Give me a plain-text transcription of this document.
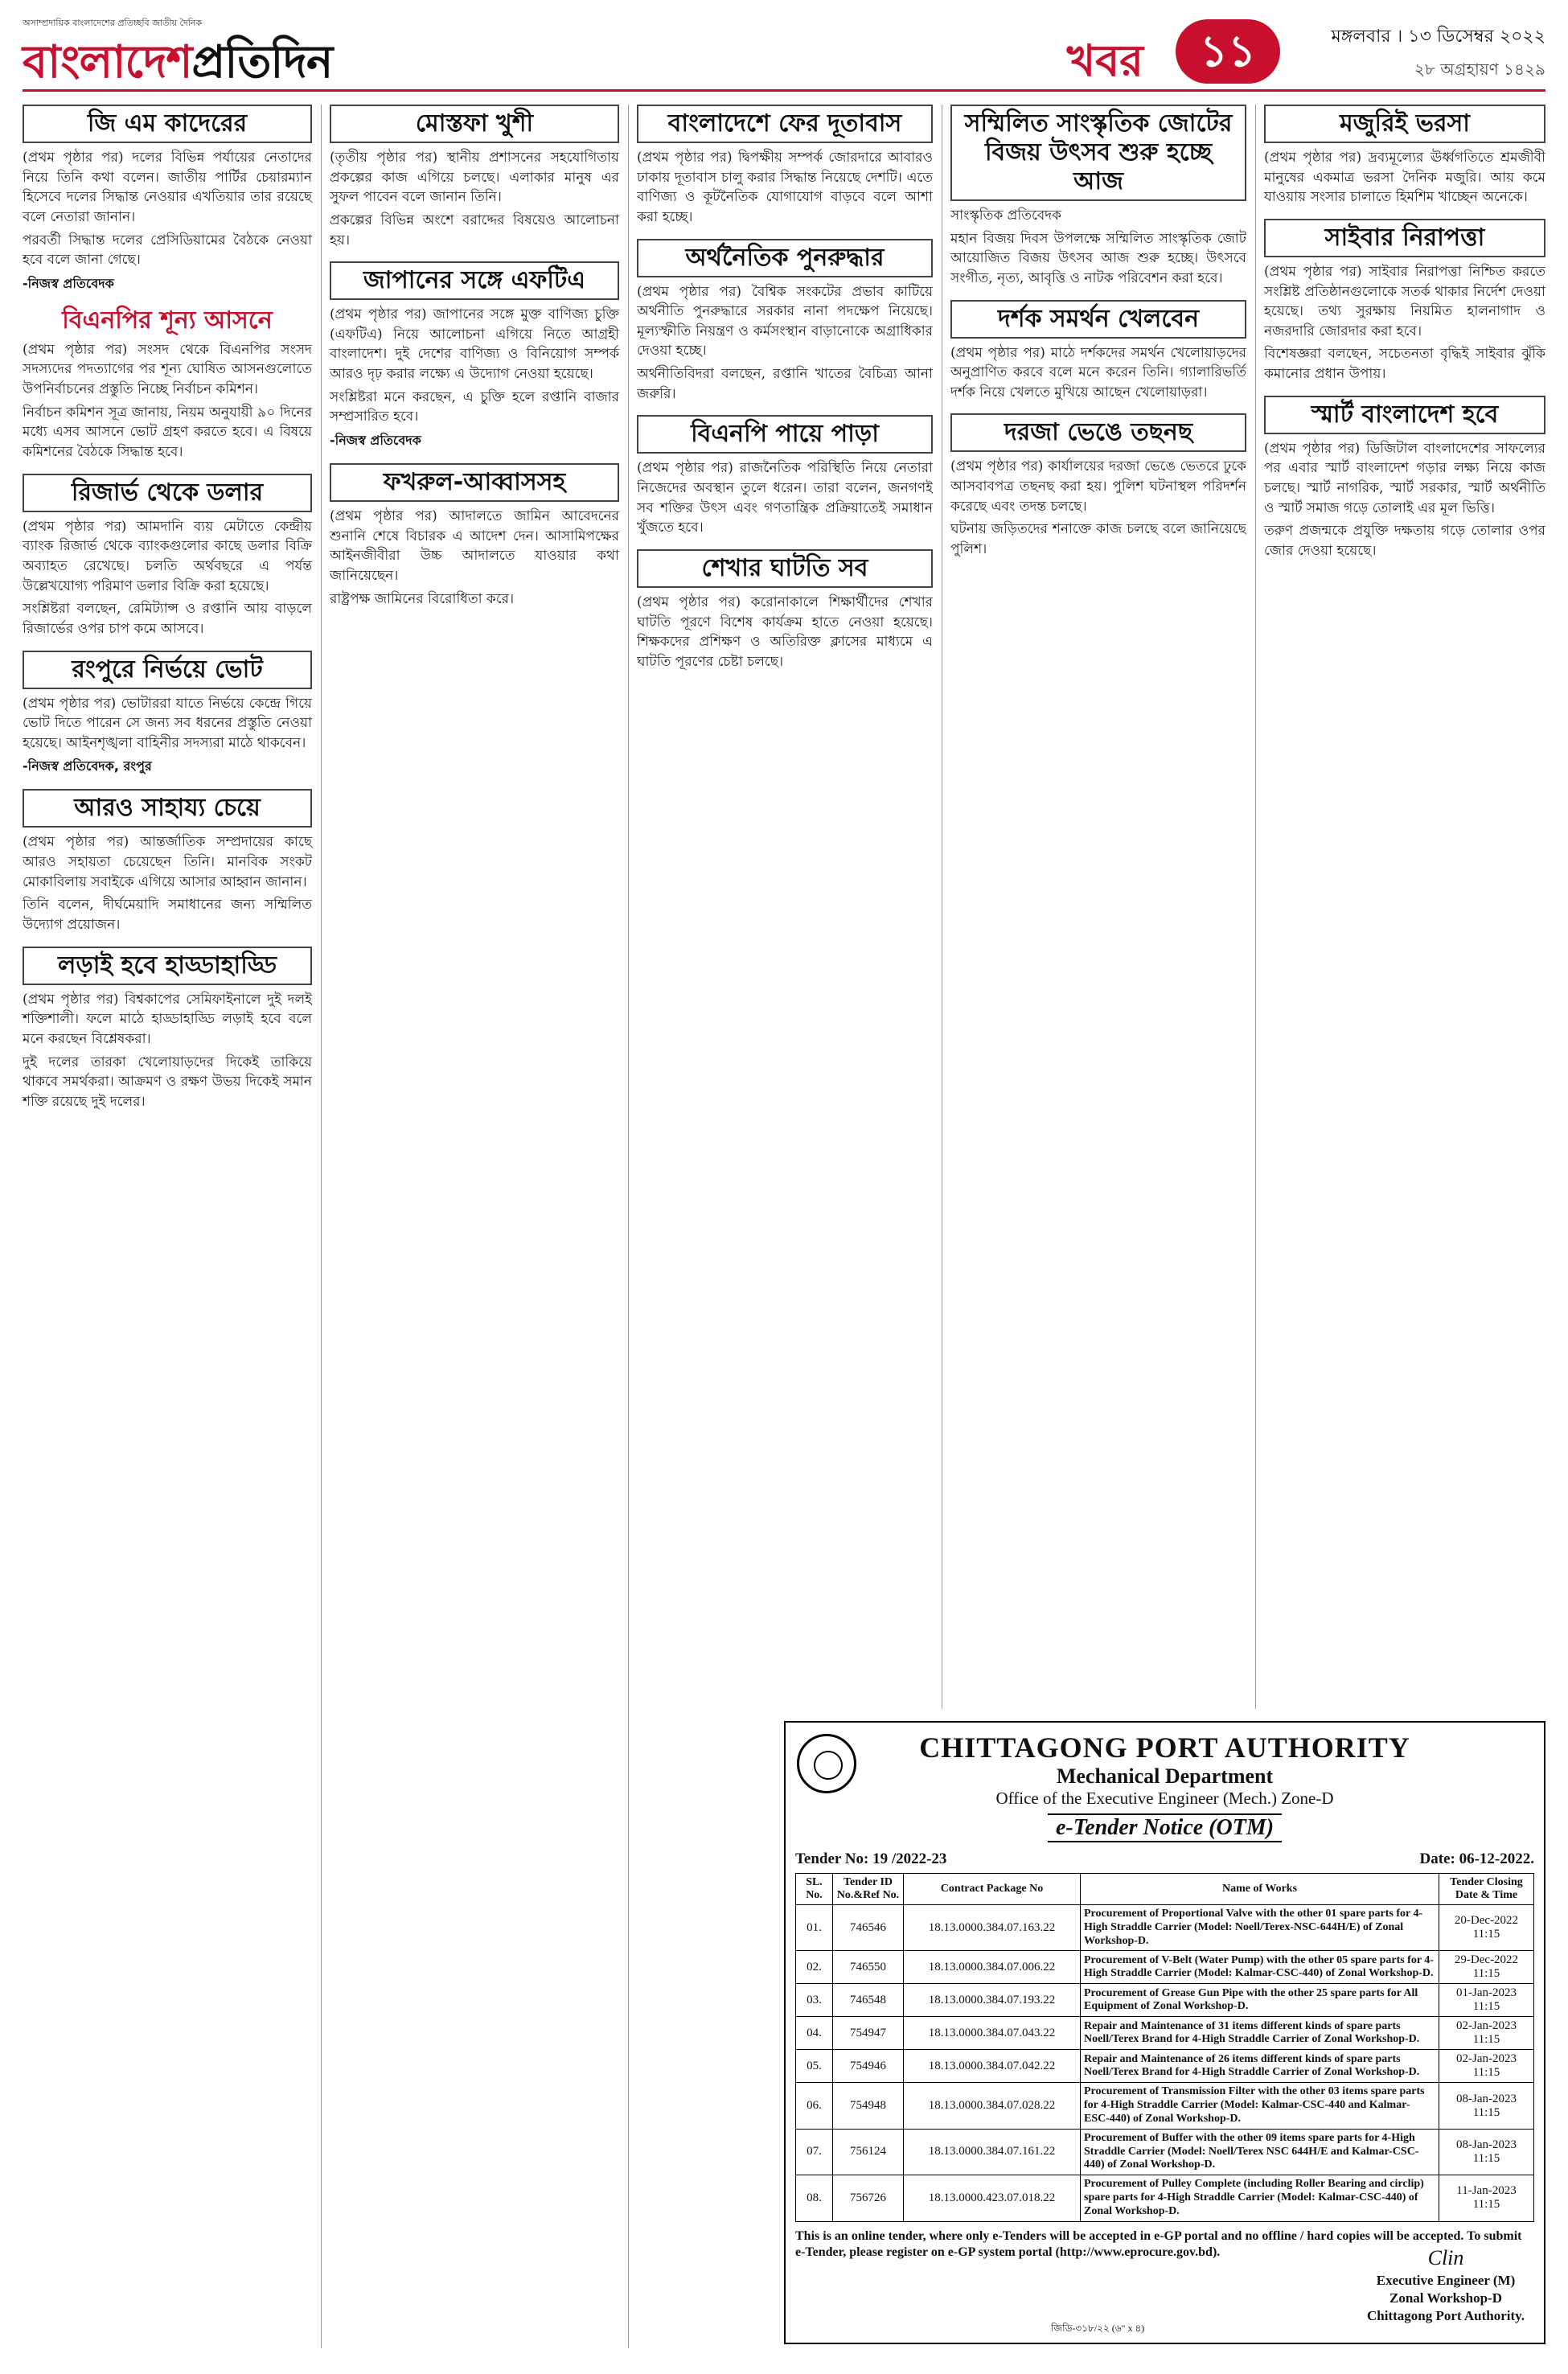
অসাম্প্রদায়িক বাংলাদেশের প্রতিচ্ছবি জাতীয় দৈনিক
বাংলাদেশপ্রতিদিন	খবর	১১	মঙ্গলবার । ১৩ ডিসেম্বর ২০২২
২৮ অগ্রহায়ণ ১৪২৯
জি এম কাদেরের
(প্রথম পৃষ্ঠার পর) দলের বিভিন্ন পর্যায়ের নেতাদের নিয়ে তিনি কথা বলেন। জাতীয় পার্টির চেয়ারম্যান হিসেবে দলের সিদ্ধান্ত নেওয়ার এখতিয়ার তার রয়েছে বলে নেতারা জানান।
পরবর্তী সিদ্ধান্ত দলের প্রেসিডিয়ামের বৈঠকে নেওয়া হবে বলে জানা গেছে।
-নিজস্ব প্রতিবেদক
বিএনপির শূন্য আসনে
(প্রথম পৃষ্ঠার পর) সংসদ থেকে বিএনপির সংসদ সদস্যদের পদত্যাগের পর শূন্য ঘোষিত আসনগুলোতে উপনির্বাচনের প্রস্তুতি নিচ্ছে নির্বাচন কমিশন।
নির্বাচন কমিশন সূত্র জানায়, নিয়ম অনুযায়ী ৯০ দিনের মধ্যে এসব আসনে ভোট গ্রহণ করতে হবে। এ বিষয়ে কমিশনের বৈঠকে সিদ্ধান্ত হবে।
রিজার্ভ থেকে ডলার
(প্রথম পৃষ্ঠার পর) আমদানি ব্যয় মেটাতে কেন্দ্রীয় ব্যাংক রিজার্ভ থেকে ব্যাংকগুলোর কাছে ডলার বিক্রি অব্যাহত রেখেছে। চলতি অর্থবছরে এ পর্যন্ত উল্লেখযোগ্য পরিমাণ ডলার বিক্রি করা হয়েছে।
সংশ্লিষ্টরা বলছেন, রেমিট্যান্স ও রপ্তানি আয় বাড়লে রিজার্ভের ওপর চাপ কমে আসবে।
রংপুরে নির্ভয়ে ভোট
(প্রথম পৃষ্ঠার পর) ভোটাররা যাতে নির্ভয়ে কেন্দ্রে গিয়ে ভোট দিতে পারেন সে জন্য সব ধরনের প্রস্তুতি নেওয়া হয়েছে। আইনশৃঙ্খলা বাহিনীর সদস্যরা মাঠে থাকবেন।
-নিজস্ব প্রতিবেদক, রংপুর
আরও সাহায্য চেয়ে
(প্রথম পৃষ্ঠার পর) আন্তর্জাতিক সম্প্রদায়ের কাছে আরও সহায়তা চেয়েছেন তিনি। মানবিক সংকট মোকাবিলায় সবাইকে এগিয়ে আসার আহ্বান জানান।
তিনি বলেন, দীর্ঘমেয়াদি সমাধানের জন্য সম্মিলিত উদ্যোগ প্রয়োজন।
লড়াই হবে হাড্ডাহাড্ডি
(প্রথম পৃষ্ঠার পর) বিশ্বকাপের সেমিফাইনালে দুই দলই শক্তিশালী। ফলে মাঠে হাড্ডাহাড্ডি লড়াই হবে বলে মনে করছেন বিশ্লেষকরা।
দুই দলের তারকা খেলোয়াড়দের দিকেই তাকিয়ে থাকবে সমর্থকরা। আক্রমণ ও রক্ষণ উভয় দিকেই সমান শক্তি রয়েছে দুই দলের।
মোস্তফা খুশী
(তৃতীয় পৃষ্ঠার পর) স্থানীয় প্রশাসনের সহযোগিতায় প্রকল্পের কাজ এগিয়ে চলছে। এলাকার মানুষ এর সুফল পাবেন বলে জানান তিনি।
প্রকল্পের বিভিন্ন অংশে বরাদ্দের বিষয়েও আলোচনা হয়।
জাপানের সঙ্গে এফটিএ
(প্রথম পৃষ্ঠার পর) জাপানের সঙ্গে মুক্ত বাণিজ্য চুক্তি (এফটিএ) নিয়ে আলোচনা এগিয়ে নিতে আগ্রহী বাংলাদেশ। দুই দেশের বাণিজ্য ও বিনিয়োগ সম্পর্ক আরও দৃঢ় করার লক্ষ্যে এ উদ্যোগ নেওয়া হয়েছে।
সংশ্লিষ্টরা মনে করছেন, এ চুক্তি হলে রপ্তানি বাজার সম্প্রসারিত হবে।
-নিজস্ব প্রতিবেদক
ফখরুল-আব্বাসসহ
(প্রথম পৃষ্ঠার পর) আদালতে জামিন আবেদনের শুনানি শেষে বিচারক এ আদেশ দেন। আসামিপক্ষের আইনজীবীরা উচ্চ আদালতে যাওয়ার কথা জানিয়েছেন।
রাষ্ট্রপক্ষ জামিনের বিরোধিতা করে।
বাংলাদেশে ফের দূতাবাস
(প্রথম পৃষ্ঠার পর) দ্বিপক্ষীয় সম্পর্ক জোরদারে আবারও ঢাকায় দূতাবাস চালু করার সিদ্ধান্ত নিয়েছে দেশটি। এতে বাণিজ্য ও কূটনৈতিক যোগাযোগ বাড়বে বলে আশা করা হচ্ছে।
অর্থনৈতিক পুনরুদ্ধার
(প্রথম পৃষ্ঠার পর) বৈশ্বিক সংকটের প্রভাব কাটিয়ে অর্থনীতি পুনরুদ্ধারে সরকার নানা পদক্ষেপ নিয়েছে। মূল্যস্ফীতি নিয়ন্ত্রণ ও কর্মসংস্থান বাড়ানোকে অগ্রাধিকার দেওয়া হচ্ছে।
অর্থনীতিবিদরা বলছেন, রপ্তানি খাতের বৈচিত্র্য আনা জরুরি।
বিএনপি পায়ে পাড়া
(প্রথম পৃষ্ঠার পর) রাজনৈতিক পরিস্থিতি নিয়ে নেতারা নিজেদের অবস্থান তুলে ধরেন। তারা বলেন, জনগণই সব শক্তির উৎস এবং গণতান্ত্রিক প্রক্রিয়াতেই সমাধান খুঁজতে হবে।
শেখার ঘাটতি সব
(প্রথম পৃষ্ঠার পর) করোনাকালে শিক্ষার্থীদের শেখার ঘাটতি পূরণে বিশেষ কার্যক্রম হাতে নেওয়া হয়েছে। শিক্ষকদের প্রশিক্ষণ ও অতিরিক্ত ক্লাসের মাধ্যমে এ ঘাটতি পূরণের চেষ্টা চলছে।
সম্মিলিত সাংস্কৃতিক জোটের বিজয় উৎসব শুরু হচ্ছে আজ
সাংস্কৃতিক প্রতিবেদক
মহান বিজয় দিবস উপলক্ষে সম্মিলিত সাংস্কৃতিক জোট আয়োজিত বিজয় উৎসব আজ শুরু হচ্ছে। উৎসবে সংগীত, নৃত্য, আবৃত্তি ও নাটক পরিবেশন করা হবে।
দর্শক সমর্থন খেলবেন
(প্রথম পৃষ্ঠার পর) মাঠে দর্শকদের সমর্থন খেলোয়াড়দের অনুপ্রাণিত করবে বলে মনে করেন তিনি। গ্যালারিভর্তি দর্শক নিয়ে খেলতে মুখিয়ে আছেন খেলোয়াড়রা।
দরজা ভেঙে তছনছ
(প্রথম পৃষ্ঠার পর) কার্যালয়ের দরজা ভেঙে ভেতরে ঢুকে আসবাবপত্র তছনছ করা হয়। পুলিশ ঘটনাস্থল পরিদর্শন করেছে এবং তদন্ত চলছে।
ঘটনায় জড়িতদের শনাক্তে কাজ চলছে বলে জানিয়েছে পুলিশ।
মজুরিই ভরসা
(প্রথম পৃষ্ঠার পর) দ্রব্যমূল্যের ঊর্ধ্বগতিতে শ্রমজীবী মানুষের একমাত্র ভরসা দৈনিক মজুরি। আয় কমে যাওয়ায় সংসার চালাতে হিমশিম খাচ্ছেন অনেকে।
সাইবার নিরাপত্তা
(প্রথম পৃষ্ঠার পর) সাইবার নিরাপত্তা নিশ্চিত করতে সংশ্লিষ্ট প্রতিষ্ঠানগুলোকে সতর্ক থাকার নির্দেশ দেওয়া হয়েছে। তথ্য সুরক্ষায় নিয়মিত হালনাগাদ ও নজরদারি জোরদার করা হবে।
বিশেষজ্ঞরা বলছেন, সচেতনতা বৃদ্ধিই সাইবার ঝুঁকি কমানোর প্রধান উপায়।
স্মার্ট বাংলাদেশ হবে
(প্রথম পৃষ্ঠার পর) ডিজিটাল বাংলাদেশের সাফল্যের পর এবার স্মার্ট বাংলাদেশ গড়ার লক্ষ্য নিয়ে কাজ চলছে। স্মার্ট নাগরিক, স্মার্ট সরকার, স্মার্ট অর্থনীতি ও স্মার্ট সমাজ গড়ে তোলাই এর মূল ভিত্তি।
তরুণ প্রজন্মকে প্রযুক্তি দক্ষতায় গড়ে তোলার ওপর জোর দেওয়া হয়েছে।
CHITTAGONG PORT AUTHORITY
Mechanical Department
Office of the Executive Engineer (Mech.) Zone-D
e-Tender Notice (OTM)
Tender No: 19 /2022-23	Date: 06-12-2022.
SL. No.	Tender ID No.&Ref No.	Contract Package No	Name of Works	Tender Closing Date & Time
01.	746546	18.13.0000.384.07.163.22	Procurement of Proportional Valve with the other 01 spare parts for 4-High Straddle Carrier (Model: Noell/Terex-NSC-644H/E) of Zonal Workshop-D.	20-Dec-2022 11:15
02.	746550	18.13.0000.384.07.006.22	Procurement of V-Belt (Water Pump) with the other 05 spare parts for 4-High Straddle Carrier (Model: Kalmar-CSC-440) of Zonal Workshop-D.	29-Dec-2022 11:15
03.	746548	18.13.0000.384.07.193.22	Procurement of Grease Gun Pipe with the other 25 spare parts for All Equipment of Zonal Workshop-D.	01-Jan-2023 11:15
04.	754947	18.13.0000.384.07.043.22	Repair and Maintenance of 31 items different kinds of spare parts Noell/Terex Brand for 4-High Straddle Carrier of Zonal Workshop-D.	02-Jan-2023 11:15
05.	754946	18.13.0000.384.07.042.22	Repair and Maintenance of 26 items different kinds of spare parts Noell/Terex Brand for 4-High Straddle Carrier of Zonal Workshop-D.	02-Jan-2023 11:15
06.	754948	18.13.0000.384.07.028.22	Procurement of Transmission Filter with the other 03 items spare parts for 4-High Straddle Carrier (Model: Kalmar-CSC-440 and Kalmar-ESC-440) of Zonal Workshop-D.	08-Jan-2023 11:15
07.	756124	18.13.0000.384.07.161.22	Procurement of Buffer with the other 09 items spare parts for 4-High Straddle Carrier (Model: Noell/Terex NSC 644H/E and Kalmar-CSC-440) of Zonal Workshop-D.	08-Jan-2023 11:15
08.	756726	18.13.0000.423.07.018.22	Procurement of Pulley Complete (including Roller Bearing and circlip) spare parts for 4-High Straddle Carrier (Model: Kalmar-CSC-440) of Zonal Workshop-D.	11-Jan-2023 11:15
This is an online tender, where only e-Tenders will be accepted in e-GP portal and no offline / hard copies will be accepted. To submit e-Tender, please register on e-GP system portal (http://www.eprocure.gov.bd).
জিডি-৩১৮/২২ (৬" x ৪)
Clin
Executive Engineer (M)
Zonal Workshop-D
Chittagong Port Authority.
